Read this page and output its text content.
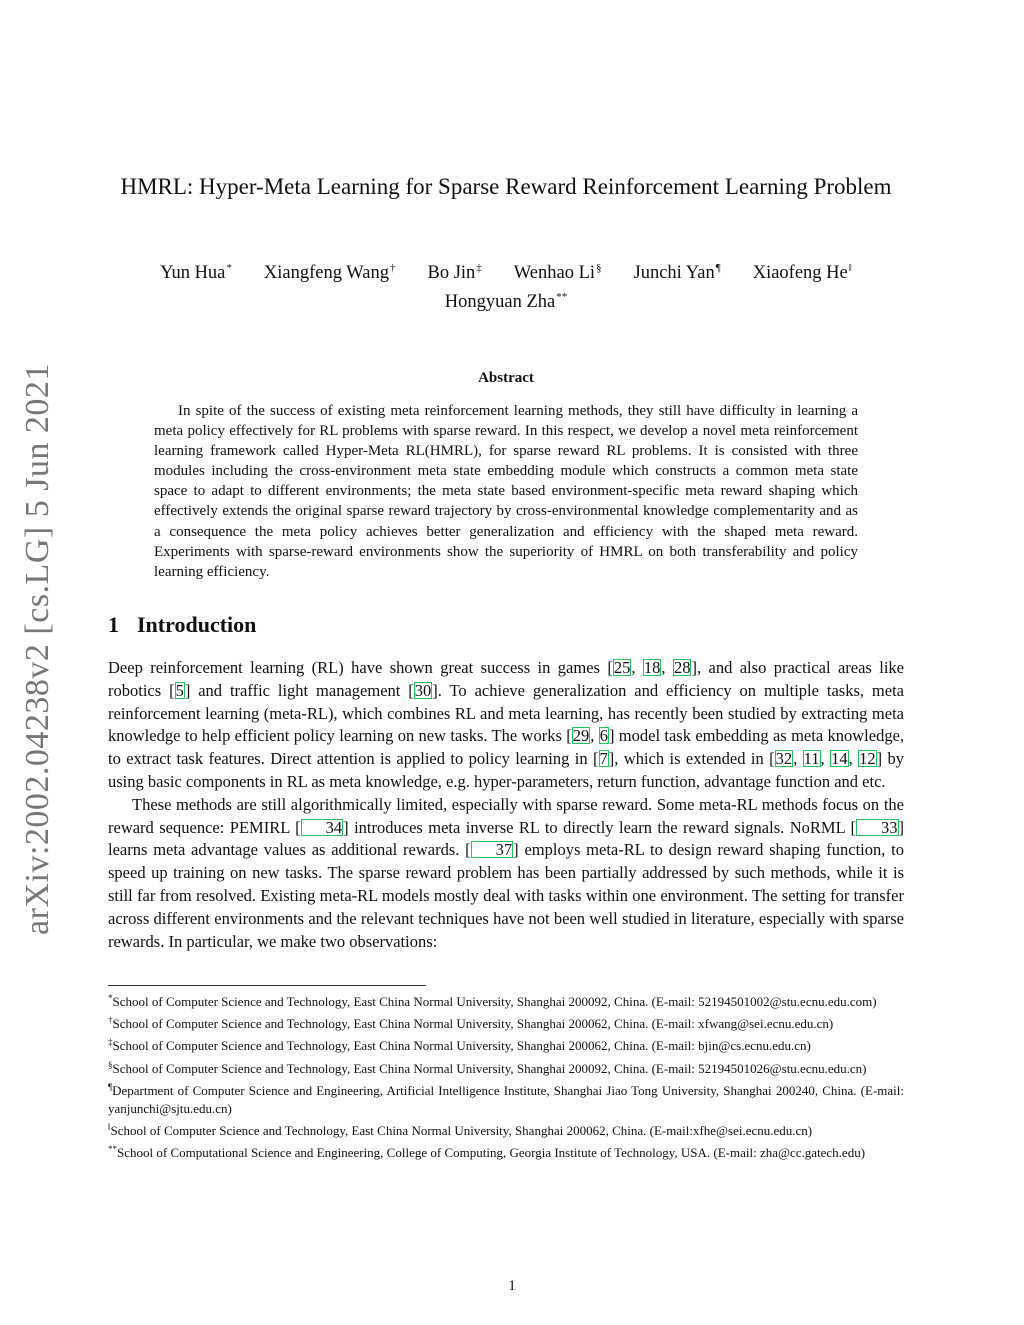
arXiv:2002.04238v2 [cs.LG] 5 Jun 2021
HMRL: Hyper-Meta Learning for Sparse Reward Reinforcement Learning Problem
Yun Hua* Xiangfeng Wang† Bo Jin‡ Wenhao Li§ Junchi Yan¶ Xiaofeng He‖
Hongyuan Zha**
Abstract

In spite of the success of existing meta reinforcement learning methods, they still have difficulty in learning a meta policy effectively for RL problems with sparse reward. In this respect, we develop a novel meta reinforcement learning framework called Hyper-Meta RL(HMRL), for sparse reward RL problems. It is consisted with three modules including the cross-environment meta state embedding module which constructs a common meta state space to adapt to different environments; the meta state based environment-specific meta reward shaping which effectively extends the original sparse reward trajectory by cross-environmental knowledge complementarity and as a consequence the meta policy achieves better generalization and efficiency with the shaped meta reward. Experiments with sparse-reward environments show the superiority of HMRL on both transferability and policy learning efficiency.

1 Introduction

Deep reinforcement learning (RL) have shown great success in games [25, 18, 28], and also practical areas like robotics [5] and traffic light management [30]. To achieve generalization and efficiency on multiple tasks, meta reinforcement learning (meta-RL), which combines RL and meta learning, has recently been studied by extracting meta knowledge to help efficient policy learning on new tasks. The works [29, 6] model task embedding as meta knowledge, to extract task features. Direct attention is applied to policy learning in [7], which is extended in [32, 11, 14, 12] by using basic components in RL as meta knowledge, e.g. hyper-parameters, return function, advantage function and etc.

These methods are still algorithmically limited, especially with sparse reward. Some meta-RL methods focus on the reward sequence: PEMIRL [ 34] introduces meta inverse RL to directly learn the reward signals. NoRML [ 33] learns meta advantage values as additional rewards. [ 37] employs meta-RL to design reward shaping function, to speed up training on new tasks. The sparse reward problem has been partially addressed by such methods, while it is still far from resolved. Existing meta-RL models mostly deal with tasks within one environment. The setting for transfer across different environments and the relevant techniques have not been well studied in literature, especially with sparse rewards. In particular, we make two observations:

*School of Computer Science and Technology, East China Normal University, Shanghai 200092, China. (E-mail: 52194501002@stu.ecnu.edu.com)

†School of Computer Science and Technology, East China Normal University, Shanghai 200062, China. (E-mail: xfwang@sei.ecnu.edu.cn)

‡School of Computer Science and Technology, East China Normal University, Shanghai 200062, China. (E-mail: bjin@cs.ecnu.edu.cn)

§School of Computer Science and Technology, East China Normal University, Shanghai 200092, China. (E-mail: 52194501026@stu.ecnu.edu.cn)

¶Department of Computer Science and Engineering, Artificial Intelligence Institute, Shanghai Jiao Tong University, Shanghai 200240, China. (E-mail: yanjunchi@sjtu.edu.cn)

‖School of Computer Science and Technology, East China Normal University, Shanghai 200062, China. (E-mail:xfhe@sei.ecnu.edu.cn)

**School of Computational Science and Engineering, College of Computing, Georgia Institute of Technology, USA. (E-mail: zha@cc.gatech.edu)

1
